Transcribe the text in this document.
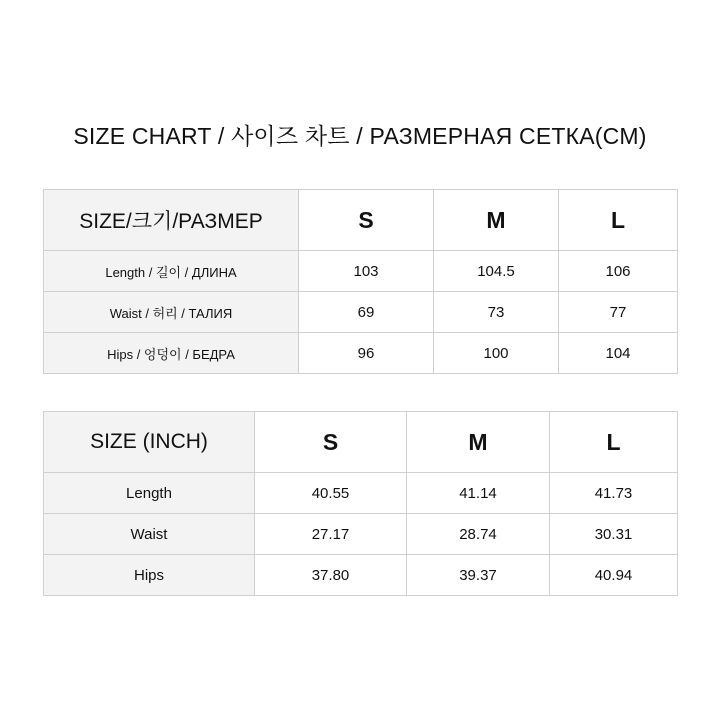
SIZE CHART / 사이즈 차트 / РАЗМЕРНАЯ СЕТКА(CM)
SIZE/크기/РАЗМЕР	S	M	L
Length / 길이 / ДЛИНА	103	104.5	106
Waist / 허리 / ТАЛИЯ	69	73	77
Hips / 엉덩이 / БЕДРА	96	100	104
SIZE (INCH)	S	M	L
Length	40.55	41.14	41.73
Waist	27.17	28.74	30.31
Hips	37.80	39.37	40.94
